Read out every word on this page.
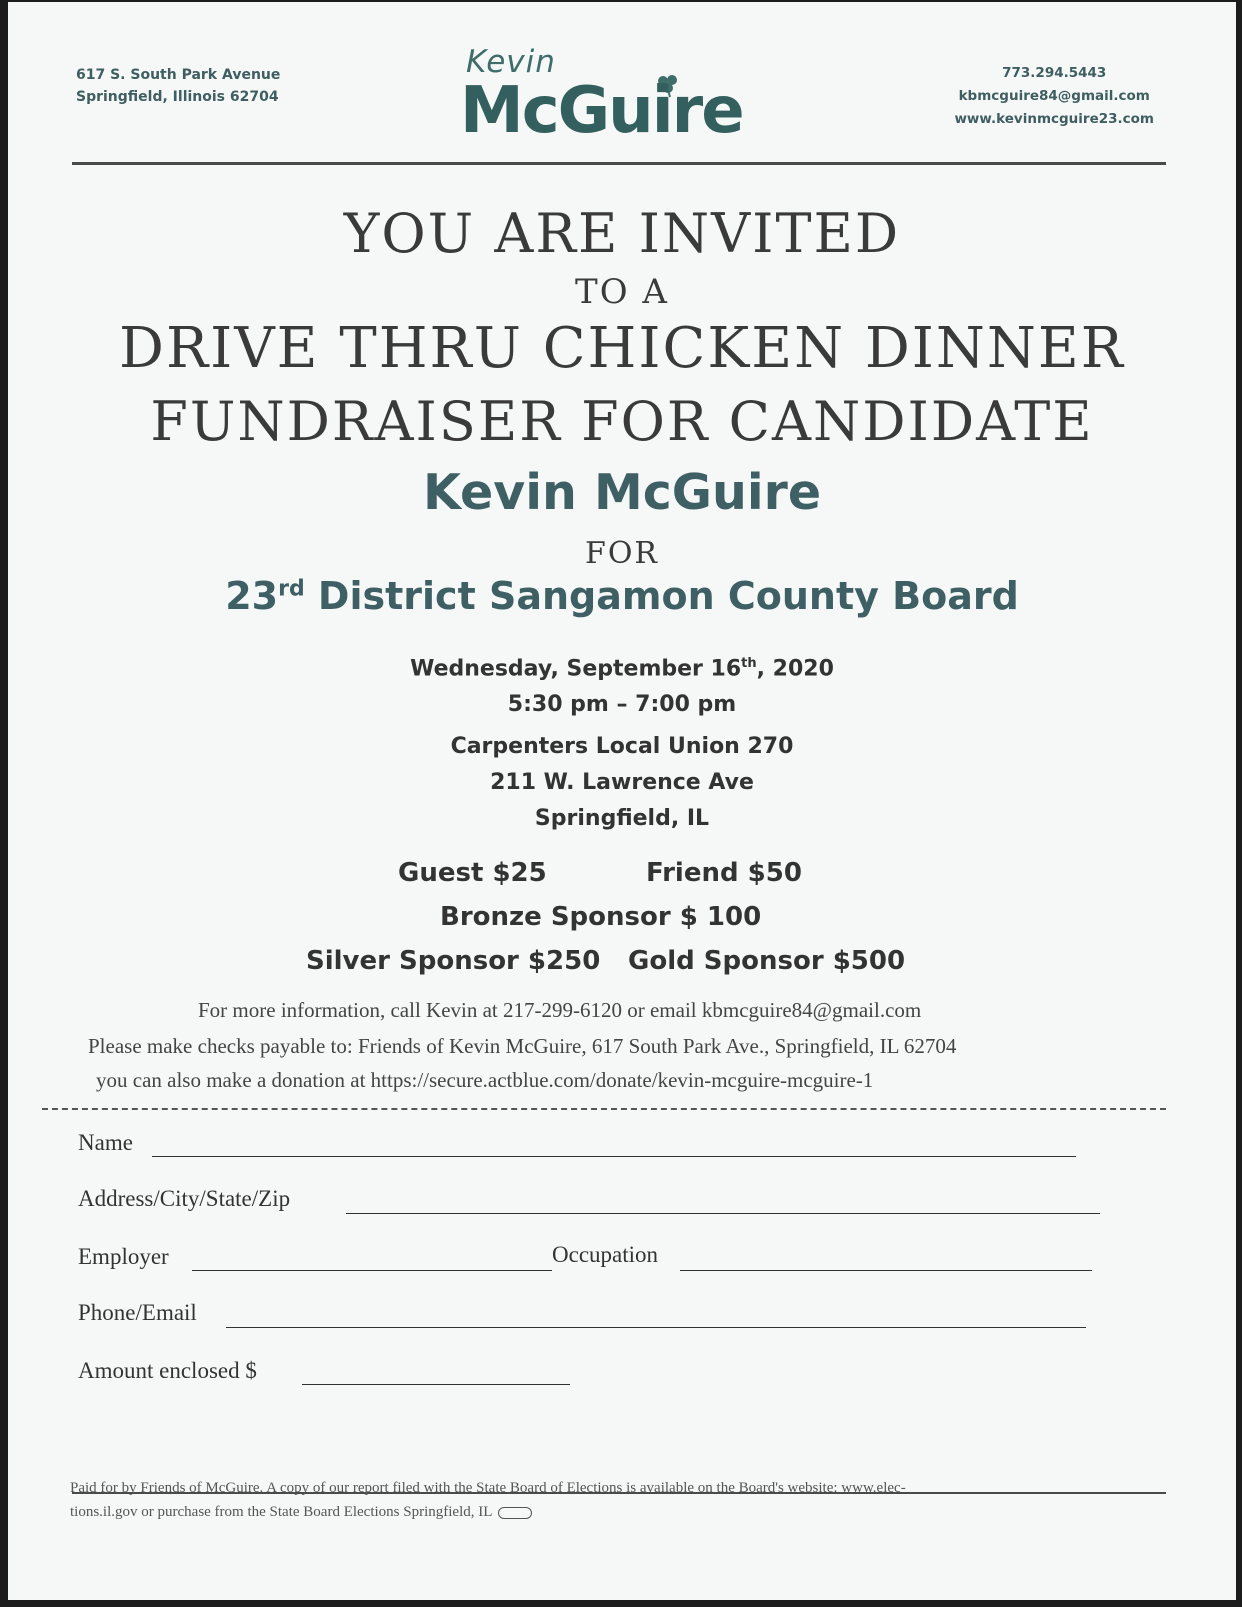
617 S. South Park Avenue
Springfield, Illinois 62704
Kevin
McGuire
773.294.5443
kbmcguire84@gmail.com
www.kevinmcguire23.com
YOU ARE INVITED
TO A
DRIVE THRU CHICKEN DINNER
FUNDRAISER FOR CANDIDATE
Kevin McGuire
FOR
23rd District Sangamon County Board
Wednesday, September 16th, 2020
5:30 pm – 7:00 pm
Carpenters Local Union 270
211 W. Lawrence Ave
Springfield, IL
Guest $25	Friend $50
Bronze Sponsor $ 100
Silver Sponsor $250 Gold Sponsor $500
For more information, call Kevin at 217-299-6120 or email kbmcguire84@gmail.com
Please make checks payable to: Friends of Kevin McGuire, 617 South Park Ave., Springfield, IL 62704
you can also make a donation at https://secure.actblue.com/donate/kevin-mcguire-mcguire-1
Name
Address/City/State/Zip
Employer	Occupation
Phone/Email
Amount enclosed $
Paid for by Friends of McGuire. A copy of our report filed with the State Board of Elections is available on the Board's website: www.elec-
tions.il.gov or purchase from the State Board Elections Springfield, IL
